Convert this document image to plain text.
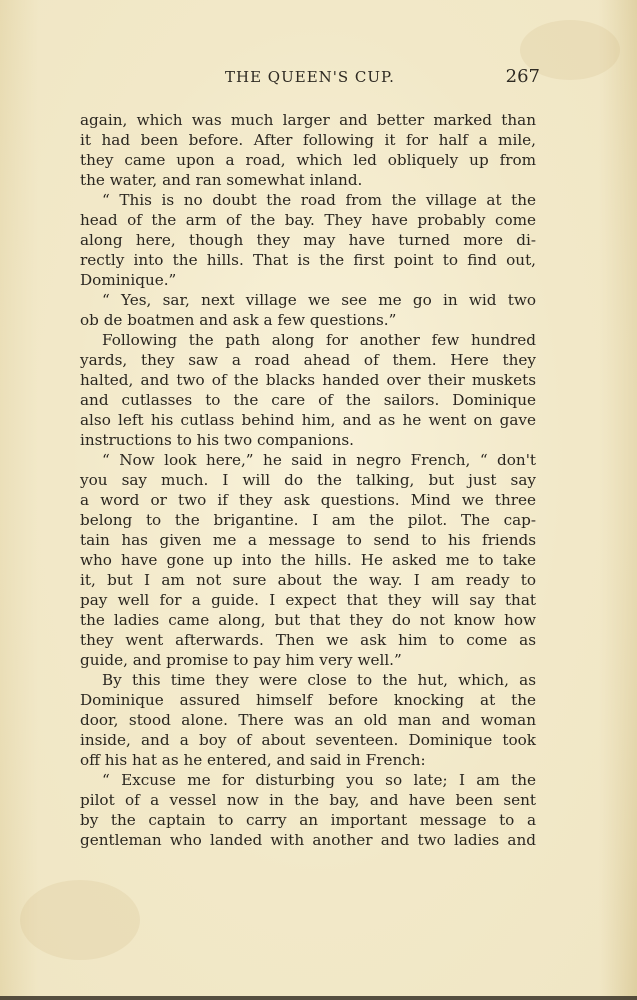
THE QUEEN'S CUP.	267
again, which was much larger and better marked than
it had been before. After following it for half a mile,
they came upon a road, which led obliquely up from
the water, and ran somewhat inland.
“ This is no doubt the road from the village at the
head of the arm of the bay. They have probably come
along here, though they may have turned more di-
rectly into the hills. That is the first point to find out,
Dominique.”
“ Yes, sar, next village we see me go in wid two
ob de boatmen and ask a few questions.”
Following the path along for another few hundred
yards, they saw a road ahead of them. Here they
halted, and two of the blacks handed over their muskets
and cutlasses to the care of the sailors. Dominique
also left his cutlass behind him, and as he went on gave
instructions to his two companions.
“ Now look here,” he said in negro French, “ don't
you say much. I will do the talking, but just say
a word or two if they ask questions. Mind we three
belong to the brigantine. I am the pilot. The cap-
tain has given me a message to send to his friends
who have gone up into the hills. He asked me to take
it, but I am not sure about the way. I am ready to
pay well for a guide. I expect that they will say that
the ladies came along, but that they do not know how
they went afterwards. Then we ask him to come as
guide, and promise to pay him very well.”
By this time they were close to the hut, which, as
Dominique assured himself before knocking at the
door, stood alone. There was an old man and woman
inside, and a boy of about seventeen. Dominique took
off his hat as he entered, and said in French:
“ Excuse me for disturbing you so late; I am the
pilot of a vessel now in the bay, and have been sent
by the captain to carry an important message to a
gentleman who landed with another and two ladies and
